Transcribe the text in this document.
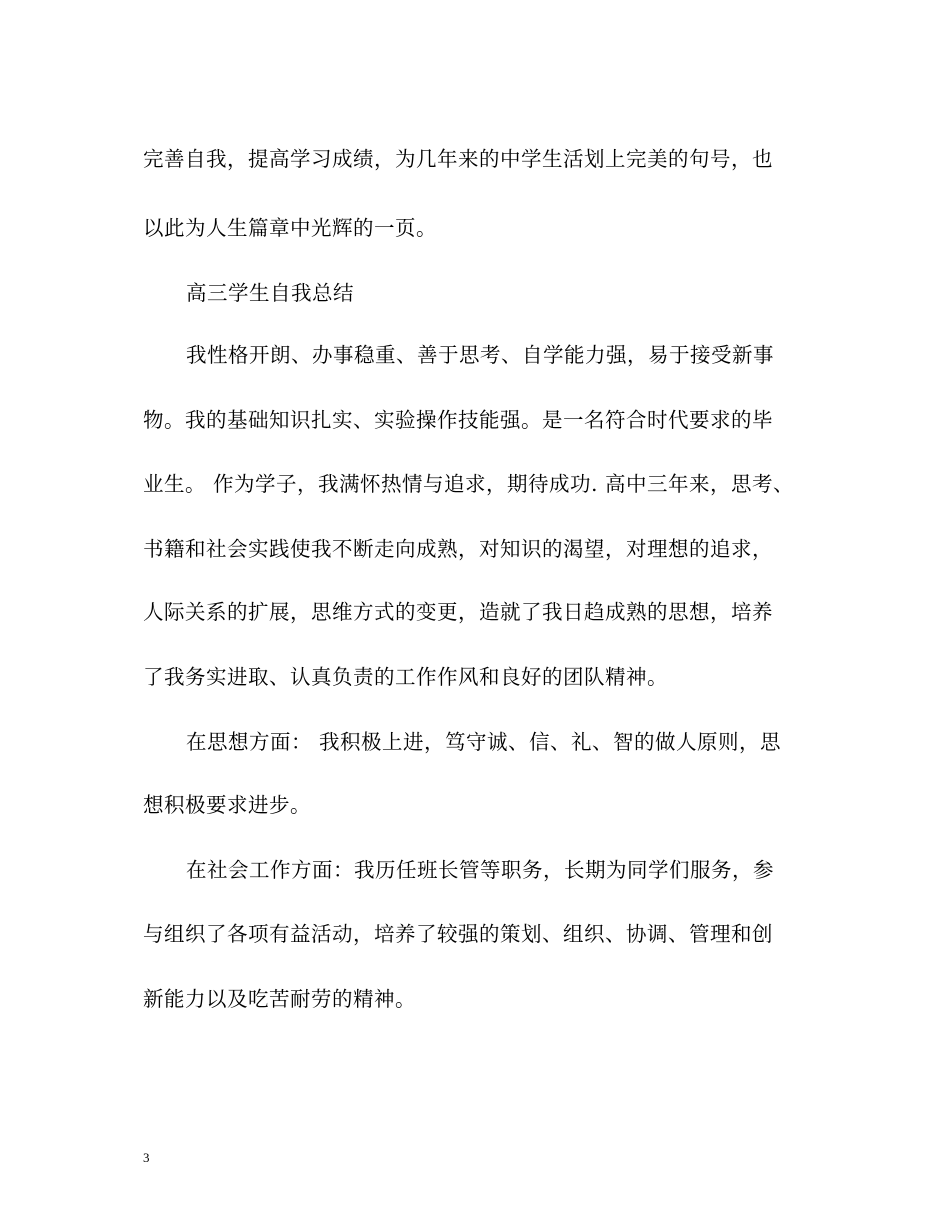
完善自我，提高学习成绩，为几年来的中学生活划上完美的句号，也
以此为人生篇章中光辉的一页。
高三学生自我总结
我性格开朗、办事稳重、善于思考、自学能力强，易于接受新事
物。我的基础知识扎实、实验操作技能强。是一名符合时代要求的毕
业生。 作为学子，我满怀热情与追求，期待成功. 高中三年来，思考、
书籍和社会实践使我不断走向成熟，对知识的渴望，对理想的追求，
人际关系的扩展，思维方式的变更，造就了我日趋成熟的思想，培养
了我务实进取、认真负责的工作作风和良好的团队精神。
在思想方面： 我积极上进，笃守诚、信、礼、智的做人原则，思
想积极要求进步。
在社会工作方面：我历任班长管等职务，长期为同学们服务，参
与组织了各项有益活动，培养了较强的策划、组织、协调、管理和创
新能力以及吃苦耐劳的精神。
3
